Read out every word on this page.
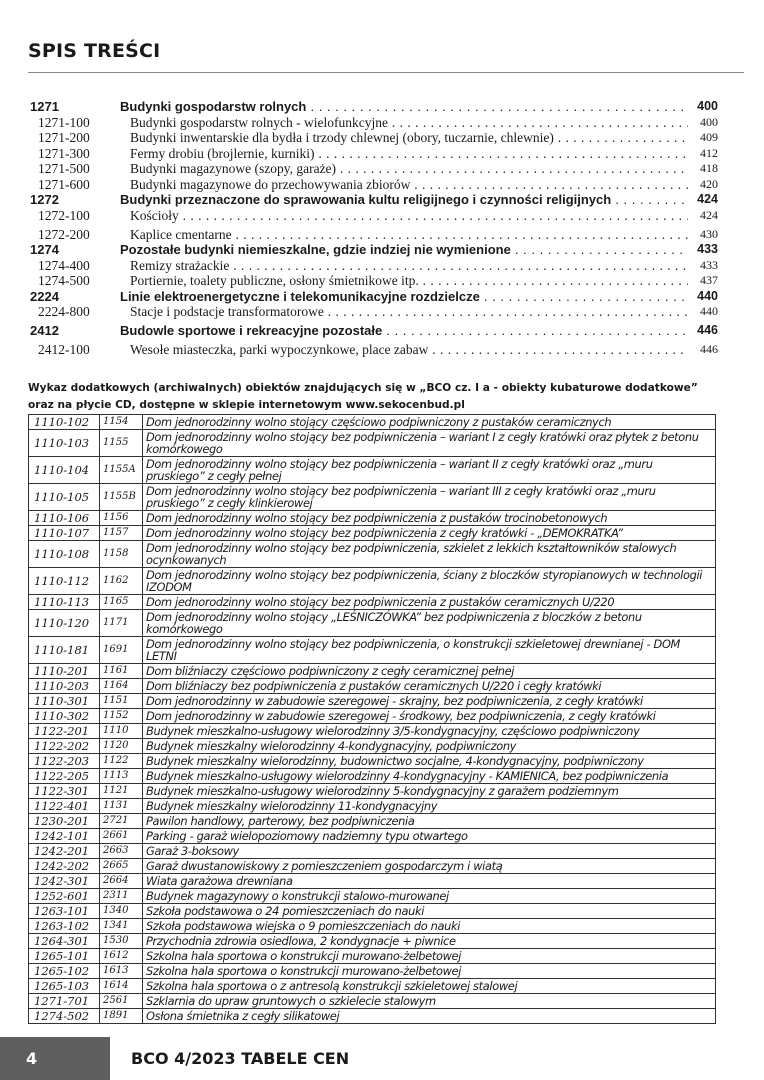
SPIS TREŚCI
1271	Budynki gospodarstw rolnych . . .	400
1271-100	Budynki gospodarstw rolnych - wielofunkcyjne . . .	400
1271-200	Budynki inwentarskie dla bydła i trzody chlewnej (obory, tuczarnie, chlewnie) . . .	409
1271-300	Fermy drobiu (brojlernie, kurniki) . . .	412
1271-500	Budynki magazynowe (szopy, garaże) . . .	418
1271-600	Budynki magazynowe do przechowywania zbiorów . . .	420
1272	Budynki przeznaczone do sprawowania kultu religijnego i czynności religijnych . . .	424
1272-100	Kościoły . . .	424
1272-200	Kaplice cmentarne . . .	430
1274	Pozostałe budynki niemieszkalne, gdzie indziej nie wymienione . . .	433
1274-400	Remizy strażackie . . .	433
1274-500	Portiernie, toalety publiczne, osłony śmietnikowe itp. . . .	437
2224	Linie elektroenergetyczne i telekomunikacyjne rozdzielcze . . .	440
2224-800	Stacje i podstacje transformatorowe . . .	440
2412	Budowle sportowe i rekreacyjne pozostałe . . .	446
2412-100	Wesołe miasteczka, parki wypoczynkowe, place zabaw . . .	446
Wykaz dodatkowych (archiwalnych) obiektów znajdujących się w „BCO cz. I a - obiekty kubaturowe dodatkowe” oraz na płycie CD, dostępne w sklepie internetowym www.sekocenbud.pl
1110-102	1154	Dom jednorodzinny wolno stojący częściowo podpiwniczony z pustaków ceramicznych
1110-103	1155	Dom jednorodzinny wolno stojący bez podpiwniczenia – wariant I z cegły kratówki oraz płytek z betonu komórkowego
1110-104	1155A	Dom jednorodzinny wolno stojący bez podpiwniczenia – wariant II z cegły kratówki oraz „muru pruskiego” z cegły pełnej
1110-105	1155B	Dom jednorodzinny wolno stojący bez podpiwniczenia – wariant III z cegły kratówki oraz „muru pruskiego” z cegły klinkierowej
1110-106	1156	Dom jednorodzinny wolno stojący bez podpiwniczenia z pustaków trocinobetonowych
1110-107	1157	Dom jednorodzinny wolno stojący bez podpiwniczenia z cegły kratówki - „DEMOKRATKA”
1110-108	1158	Dom jednorodzinny wolno stojący bez podpiwniczenia, szkielet z lekkich kształtowników stalowych ocynkowanych
1110-112	1162	Dom jednorodzinny wolno stojący bez podpiwniczenia, ściany z bloczków styropianowych w technologii IZODOM
1110-113	1165	Dom jednorodzinny wolno stojący bez podpiwniczenia z pustaków ceramicznych U/220
1110-120	1171	Dom jednorodzinny wolno stojący „LEŚNICZÓWKA” bez podpiwniczenia z bloczków z betonu komórkowego
1110-181	1691	Dom jednorodzinny wolno stojący bez podpiwniczenia, o konstrukcji szkieletowej drewnianej - DOM LETNI
1110-201	1161	Dom bliźniaczy częściowo podpiwniczony z cegły ceramicznej pełnej
1110-203	1164	Dom bliźniaczy bez podpiwniczenia z pustaków ceramicznych U/220 i cegły kratówki
1110-301	1151	Dom jednorodzinny w zabudowie szeregowej - skrajny, bez podpiwniczenia, z cegły kratówki
1110-302	1152	Dom jednorodzinny w zabudowie szeregowej - środkowy, bez podpiwniczenia, z cegły kratówki
1122-201	1110	Budynek mieszkalno-usługowy wielorodzinny 3/5-kondygnacyjny, częściowo podpiwniczony
1122-202	1120	Budynek mieszkalny wielorodzinny 4-kondygnacyjny, podpiwniczony
1122-203	1122	Budynek mieszkalny wielorodzinny, budownictwo socjalne, 4-kondygnacyjny, podpiwniczony
1122-205	1113	Budynek mieszkalno-usługowy wielorodzinny 4-kondygnacyjny - KAMIENICA, bez podpiwniczenia
1122-301	1121	Budynek mieszkalno-usługowy wielorodzinny 5-kondygnacyjny z garażem podziemnym
1122-401	1131	Budynek mieszkalny wielorodzinny 11-kondygnacyjny
1230-201	2721	Pawilon handlowy, parterowy, bez podpiwniczenia
1242-101	2661	Parking - garaż wielopoziomowy nadziemny typu otwartego
1242-201	2663	Garaż 3-boksowy
1242-202	2665	Garaż dwustanowiskowy z pomieszczeniem gospodarczym i wiatą
1242-301	2664	Wiata garażowa drewniana
1252-601	2311	Budynek magazynowy o konstrukcji stalowo-murowanej
1263-101	1340	Szkoła podstawowa o 24 pomieszczeniach do nauki
1263-102	1341	Szkoła podstawowa wiejska o 9 pomieszczeniach do nauki
1264-301	1530	Przychodnia zdrowia osiedlowa, 2 kondygnacje + piwnice
1265-101	1612	Szkolna hala sportowa o konstrukcji murowano-żelbetowej
1265-102	1613	Szkolna hala sportowa o konstrukcji murowano-żelbetowej
1265-103	1614	Szkolna hala sportowa o z antresolą konstrukcji szkieletowej stalowej
1271-701	2561	Szklarnia do upraw gruntowych o szkielecie stalowym
1274-502	1891	Osłona śmietnika z cegły silikatowej
4	BCO 4/2023 TABELE CEN
